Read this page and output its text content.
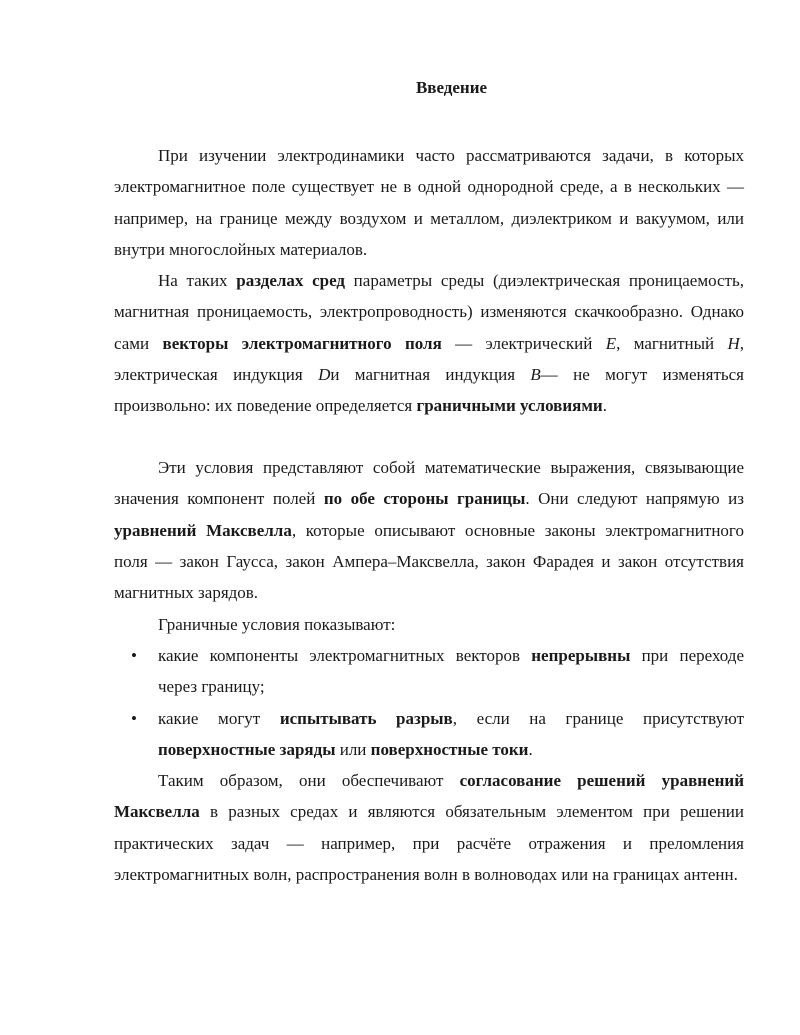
Введение

При изучении электродинамики часто рассматриваются задачи, в которых электромагнитное поле существует не в одной однородной среде, а в нескольких — например, на границе между воздухом и металлом, диэлектриком и вакуумом, или внутри многослойных материалов.

На таких разделах сред параметры среды (диэлектрическая проницаемость, магнитная проницаемость, электропроводность) изменяются скачкообразно. Однако сами векторы электромагнитного поля — электрический E, магнитный H, электрическая индукция Dи магнитная индукция B— не могут изменяться произвольно: их поведение определяется граничными условиями.

Эти условия представляют собой математические выражения, связывающие значения компонент полей по обе стороны границы. Они следуют напрямую из уравнений Максвелла, которые описывают основные законы электромагнитного поля — закон Гаусса, закон Ампера–Максвелла, закон Фарадея и закон отсутствия магнитных зарядов.

Граничные условия показывают:

• какие компоненты электромагнитных векторов непрерывны при переходе через границу;
• какие могут испытывать разрыв, если на границе присутствуют поверхностные заряды или поверхностные токи.

Таким образом, они обеспечивают согласование решений уравнений Максвелла в разных средах и являются обязательным элементом при решении практических задач — например, при расчёте отражения и преломления электромагнитных волн, распространения волн в волноводах или на границах антенн.
